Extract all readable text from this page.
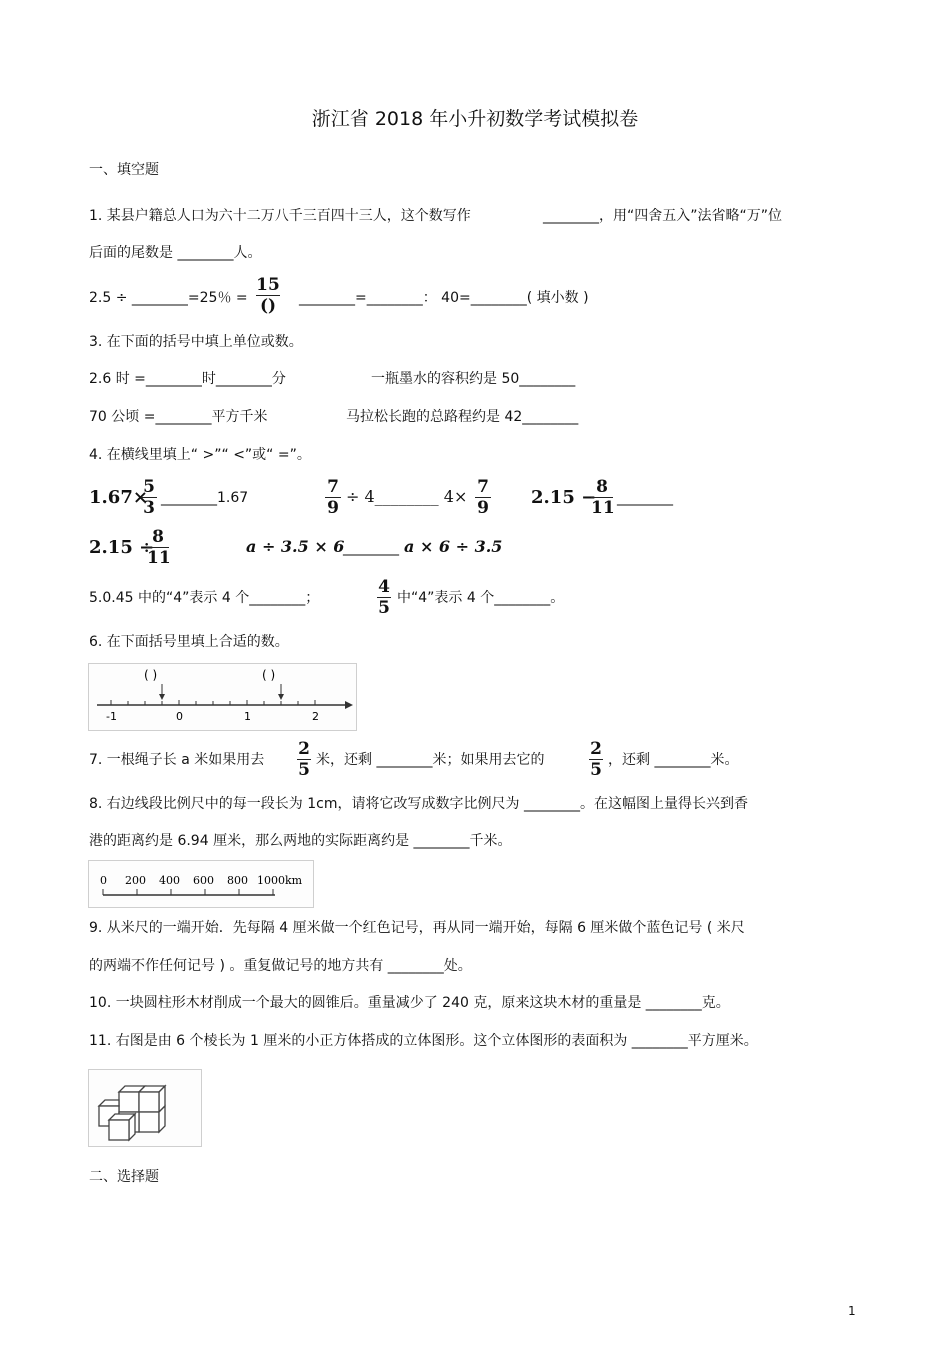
浙江省 2018 年小升初数学考试模拟卷
一、填空题
1. 某县户籍总人口为六十二万八千三百四十三人，这个数写作	________，用“四舍五入”法省略“万”位
后面的尾数是 ________人。
2.5 ÷ ________=25％ =
15
() ________=________： 40=________( 填小数 )
3. 在下面的括号中填上单位或数。
2.6 时 =________时________分	一瓶墨水的容积约是 50________
70 公顷 =________平方千米	马拉松长跑的总路程约是 42________
4. 在横线里填上“ >”“ <”或“ =”。
1.67×
5
3 ________1.67
7
9
÷ 4________ 4× 7
9 2.15 − 8
11 ________
2.15 ÷
8
11
a ÷ 3.5 × 6
________ a × 6 ÷ 3.5
5.0.45 中的“4”表示 4 个________；
4
5 中“4”表示 4 个________。
6. 在下面括号里填上合适的数。
( )	( )
-1	0	1	2
7. 一根绳子长 a 米如果用去
2
5 米，还剩 ________米；如果用去它的
2
5 ，还剩 ________米。
8. 右边线段比例尺中的每一段长为 1cm，请将它改写成数字比例尺为 ________。在这幅图上量得长兴到香
港的距离约是 6.94 厘米，那么两地的实际距离约是 ________千米。
0 200 400 600 800 1000km
9. 从米尺的一端开始．先每隔 4 厘米做一个红色记号，再从同一端开始，每隔 6 厘米做个蓝色记号 ( 米尺
的两端不作任何记号 ) 。重复做记号的地方共有 ________处。
10. 一块圆柱形木材削成一个最大的圆锥后。重量减少了 240 克，原来这块木材的重量是 ________克。
11. 右图是由 6 个棱长为 1 厘米的小正方体搭成的立体图形。这个立体图形的表面积为 ________平方厘米。
二、选择题
1
